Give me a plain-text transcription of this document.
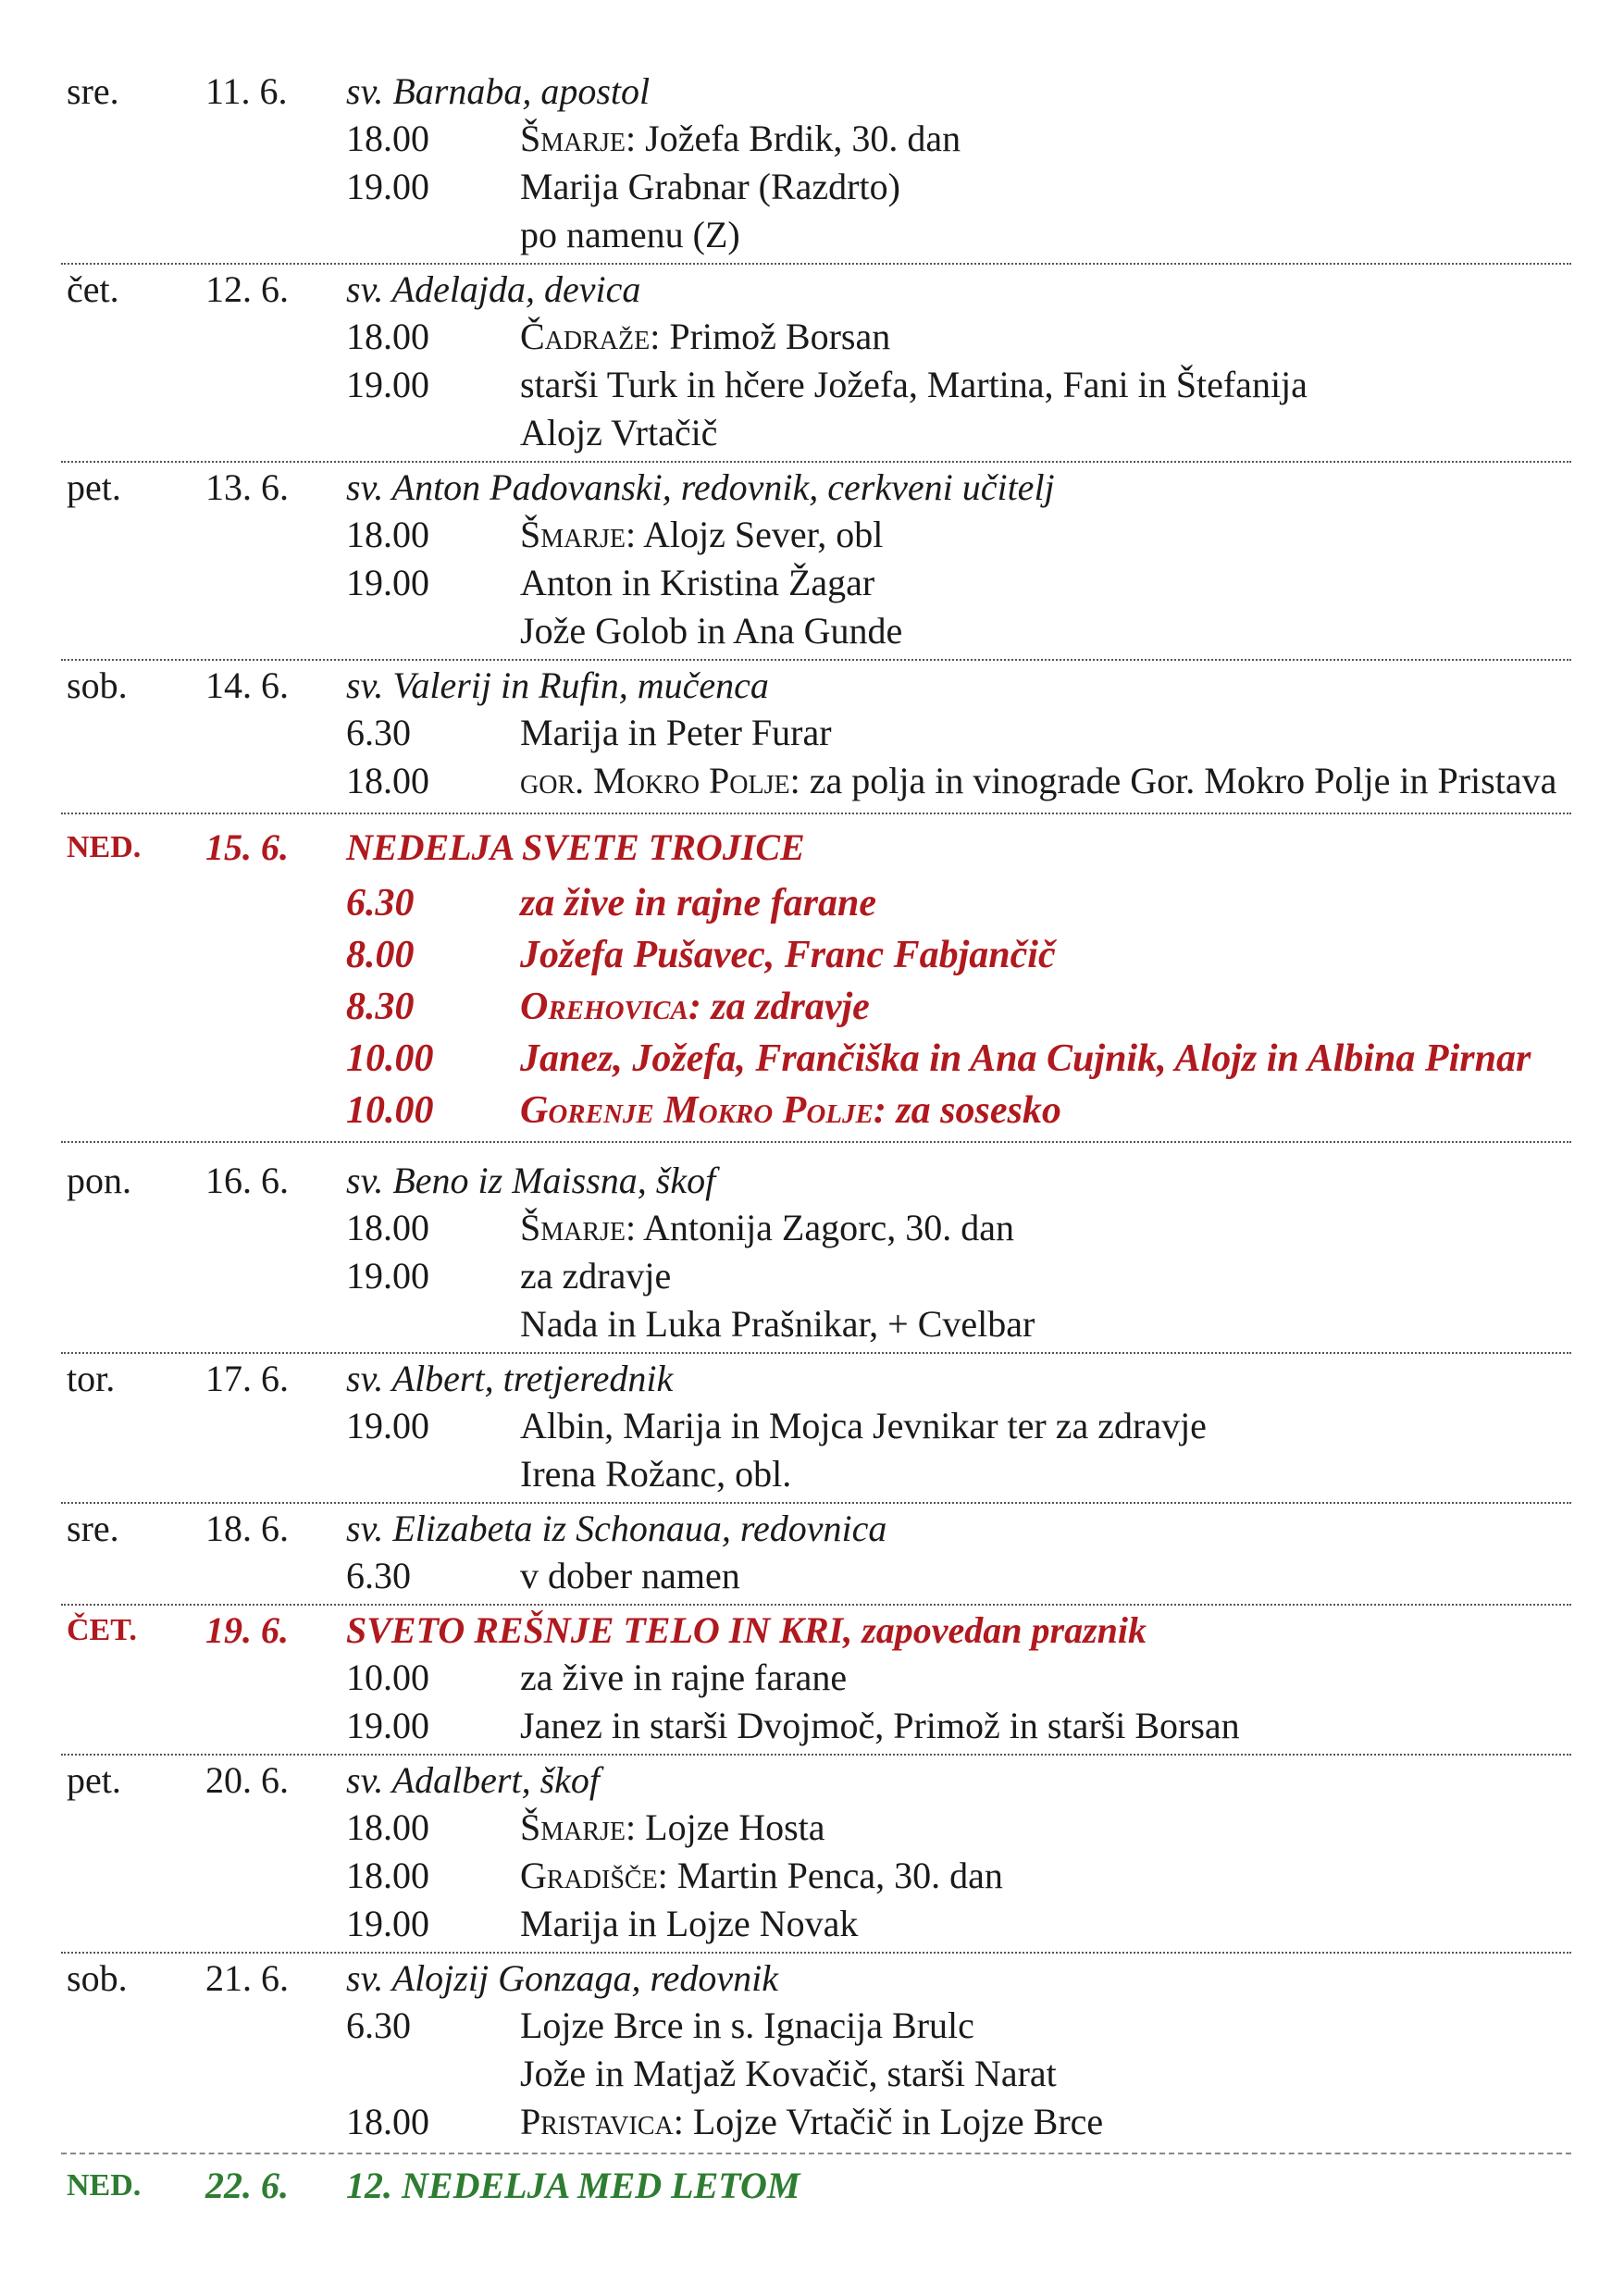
sre. 11. 6. sv. Barnaba, apostol
18.00 Šmarje: Jožefa Brdik, 30. dan
19.00 Marija Grabnar (Razdrto)
po namenu (Z)
čet. 12. 6. sv. Adelajda, devica
18.00 Čadraže: Primož Borsan
19.00 starši Turk in hčere Jožefa, Martina, Fani in Štefanija
Alojz Vrtačič
pet. 13. 6. sv. Anton Padovanski, redovnik, cerkveni učitelj
18.00 Šmarje: Alojz Sever, obl
19.00 Anton in Kristina Žagar
Jože Golob in Ana Gunde
sob. 14. 6. sv. Valerij in Rufin, mučenca
6.30	Marija in Peter Furar
18.00 gor. Mokro Polje: za polja in vinograde Gor. Mokro Polje in Pristava
NED. 15. 6. NEDELJA SVETE TROJICE
6.30	za žive in rajne farane
8.00	Jožefa Pušavec, Franc Fabjančič
8.30	Orehovica: za zdravje
10.00 Janez, Jožefa, Frančiška in Ana Cujnik, Alojz in Albina Pirnar
10.00 Gorenje Mokro Polje: za sosesko
pon. 16. 6. sv. Beno iz Maissna, škof
18.00 Šmarje: Antonija Zagorc, 30. dan
19.00 za zdravje
Nada in Luka Prašnikar, + Cvelbar
tor. 17. 6. sv. Albert, tretjerednik
19.00 Albin, Marija in Mojca Jevnikar ter za zdravje
Irena Rožanc, obl.
sre. 18. 6. sv. Elizabeta iz Schonaua, redovnica
6.30	v dober namen
ČET. 19. 6. SVETO REŠNJE TELO IN KRI, zapovedan praznik
10.00 za žive in rajne farane
19.00 Janez in starši Dvojmoč, Primož in starši Borsan
pet. 20. 6. sv. Adalbert, škof
18.00 Šmarje: Lojze Hosta
18.00 Gradišče: Martin Penca, 30. dan
19.00 Marija in Lojze Novak
sob. 21. 6. sv. Alojzij Gonzaga, redovnik
6.30	Lojze Brce in s. Ignacija Brulc
Jože in Matjaž Kovačič, starši Narat
18.00 Pristavica: Lojze Vrtačič in Lojze Brce
NED. 22. 6. 12. NEDELJA MED LETOM
